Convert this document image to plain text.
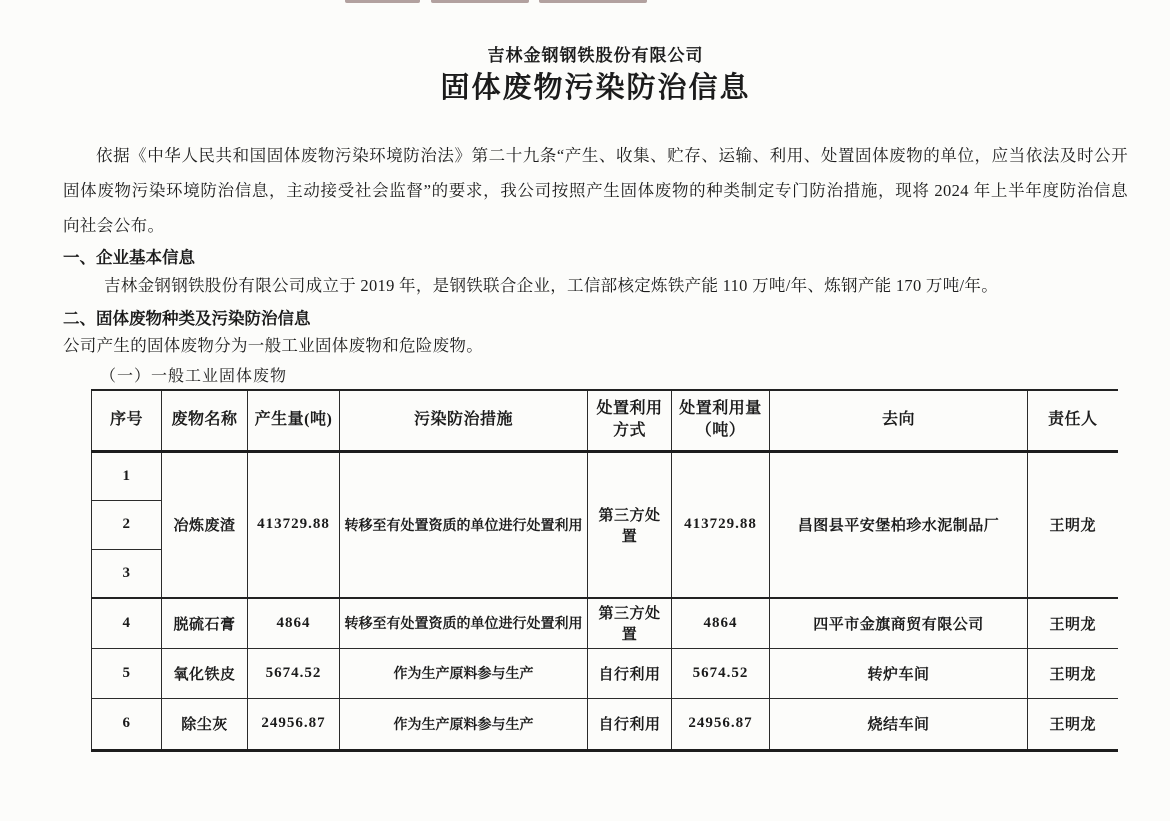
吉林金钢钢铁股份有限公司
固体废物污染防治信息

依据《中华人民共和国固体废物污染环境防治法》第二十九条“产生、收集、贮存、运输、利用、处置固体废物的单位，应当依法及时公开固体废物污染环境防治信息，主动接受社会监督”的要求，我公司按照产生固体废物的种类制定专门防治措施，现将 2024 年上半年度防治信息向社会公布。

一、企业基本信息

吉林金钢钢铁股份有限公司成立于 2019 年，是钢铁联合企业，工信部核定炼铁产能 110 万吨/年、炼钢产能 170 万吨/年。

二、固体废物种类及污染防治信息

公司产生的固体废物分为一般工业固体废物和危险废物。

（一）一般工业固体废物
序号	废物名称	产生量(吨)	污染防治措施	处置利用方式	处置利用量（吨）	去向	责任人
1	冶炼废渣	413729.88	转移至有处置资质的单位进行处置利用	第三方处置	413729.88	昌图县平安堡柏珍水泥制品厂	王明龙
2							
3							
4	脱硫石膏	4864	转移至有处置资质的单位进行处置利用	第三方处置	4864	四平市金旗商贸有限公司	王明龙
5	氧化铁皮	5674.52	作为生产原料参与生产	自行利用	5674.52	转炉车间	王明龙
6	除尘灰	24956.87	作为生产原料参与生产	自行利用	24956.87	烧结车间	王明龙
